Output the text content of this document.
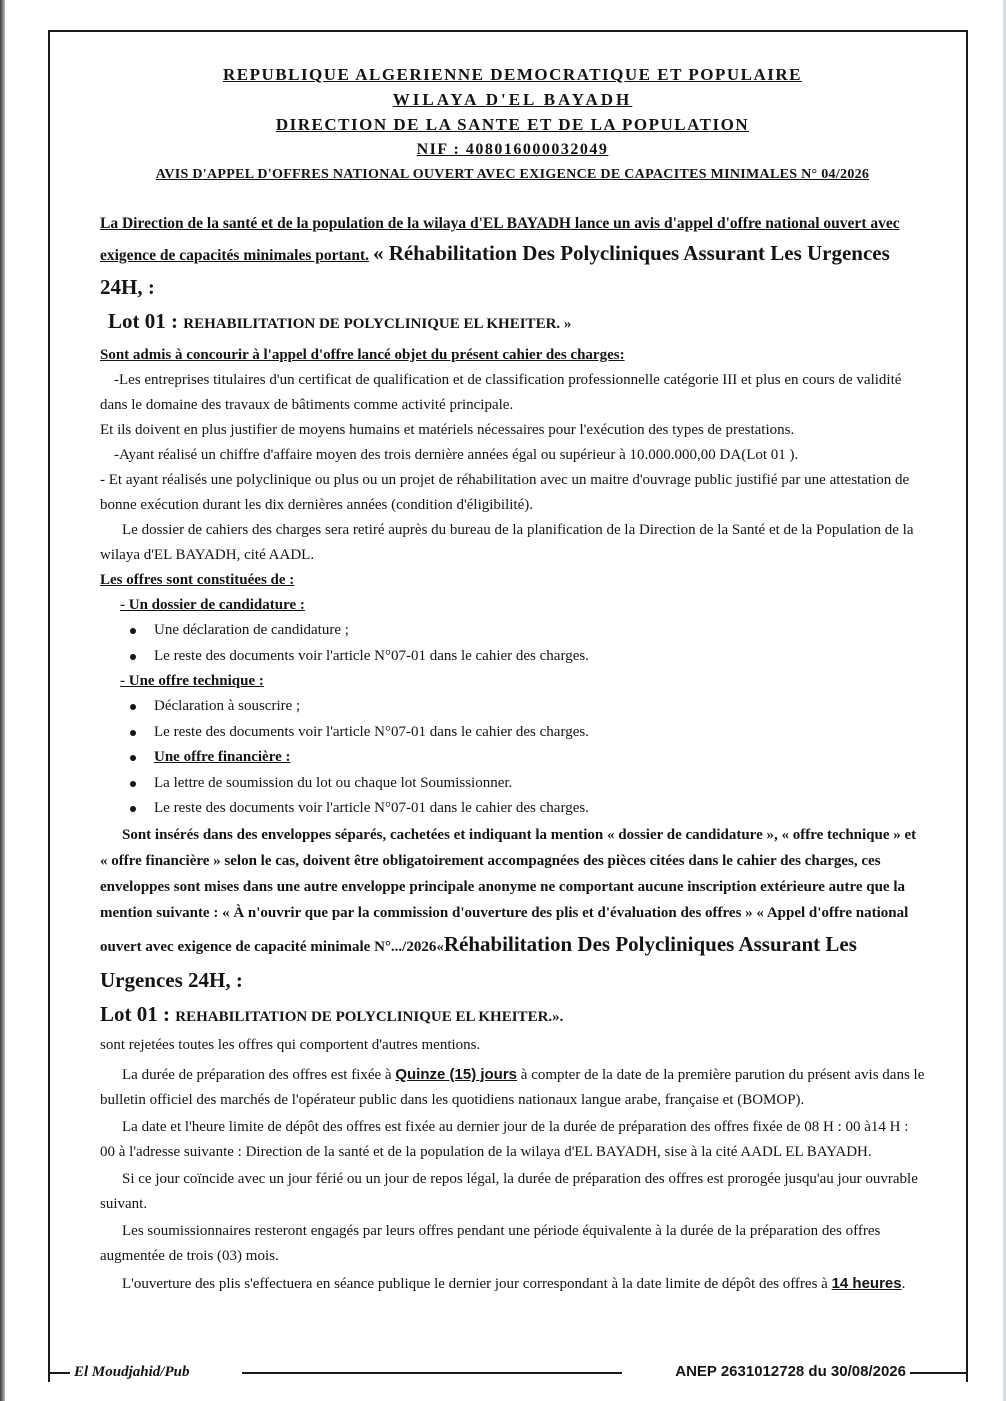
El Moudjahid/Pub	ANEP 2631012728 du 30/08/2026
REPUBLIQUE ALGERIENNE DEMOCRATIQUE ET POPULAIRE
WILAYA D'EL BAYADH
DIRECTION DE LA SANTE ET DE LA POPULATION
NIF : 408016000032049
AVIS D'APPEL D'OFFRES NATIONAL OUVERT AVEC EXIGENCE DE CAPACITES MINIMALES N° 04/2026

La Direction de la santé et de la population de la wilaya d'EL BAYADH lance un avis d'appel d'offre national ouvert avec exigence de capacités minimales portant. « Réhabilitation Des Polycliniques Assurant Les Urgences 24H, :

Lot 01 : REHABILITATION DE POLYCLINIQUE EL KHEITER. »

Sont admis à concourir à l'appel d'offre lancé objet du présent cahier des charges:

-Les entreprises titulaires d'un certificat de qualification et de classification professionnelle catégorie III et plus en cours de validité dans le domaine des travaux de bâtiments comme activité principale.

Et ils doivent en plus justifier de moyens humains et matériels nécessaires pour l'exécution des types de prestations.

-Ayant réalisé un chiffre d'affaire moyen des trois dernière années égal ou supérieur à 10.000.000,00 DA(Lot 01 ).

- Et ayant réalisés une polyclinique ou plus ou un projet de réhabilitation avec un maitre d'ouvrage public justifié par une attestation de bonne exécution durant les dix dernières années (condition d'éligibilité).

Le dossier de cahiers des charges sera retiré auprès du bureau de la planification de la Direction de la Santé et de la Population de la wilaya d'EL BAYADH, cité AADL.

Les offres sont constituées de :

- Un dossier de candidature :

Une déclaration de candidature ;
Le reste des documents voir l'article N°07-01 dans le cahier des charges.

- Une offre technique :

Déclaration à souscrire ;
Le reste des documents voir l'article N°07-01 dans le cahier des charges.
Une offre financière :
La lettre de soumission du lot ou chaque lot Soumissionner.
Le reste des documents voir l'article N°07-01 dans le cahier des charges.

Sont insérés dans des enveloppes séparés, cachetées et indiquant la mention « dossier de candidature », « offre technique » et « offre financière » selon le cas, doivent être obligatoirement accompagnées des pièces citées dans le cahier des charges, ces enveloppes sont mises dans une autre enveloppe principale anonyme ne comportant aucune inscription extérieure autre que la mention suivante : « À n'ouvrir que par la commission d'ouverture des plis et d'évaluation des offres » « Appel d'offre national ouvert avec exigence de capacité minimale N°.../2026«Réhabilitation Des Polycliniques Assurant Les Urgences 24H, :

Lot 01 : REHABILITATION DE POLYCLINIQUE EL KHEITER.».

sont rejetées toutes les offres qui comportent d'autres mentions.

La durée de préparation des offres est fixée à Quinze (15) jours à compter de la date de la première parution du présent avis dans le bulletin officiel des marchés de l'opérateur public dans les quotidiens nationaux langue arabe, française et (BOMOP).

La date et l'heure limite de dépôt des offres est fixée au dernier jour de la durée de préparation des offres fixée de 08 H : 00 à14 H : 00 à l'adresse suivante : Direction de la santé et de la population de la wilaya d'EL BAYADH, sise à la cité AADL EL BAYADH.

Si ce jour coïncide avec un jour férié ou un jour de repos légal, la durée de préparation des offres est prorogée jusqu'au jour ouvrable suivant.

Les soumissionnaires resteront engagés par leurs offres pendant une période équivalente à la durée de la préparation des offres augmentée de trois (03) mois.

L'ouverture des plis s'effectuera en séance publique le dernier jour correspondant à la date limite de dépôt des offres à 14 heures.
